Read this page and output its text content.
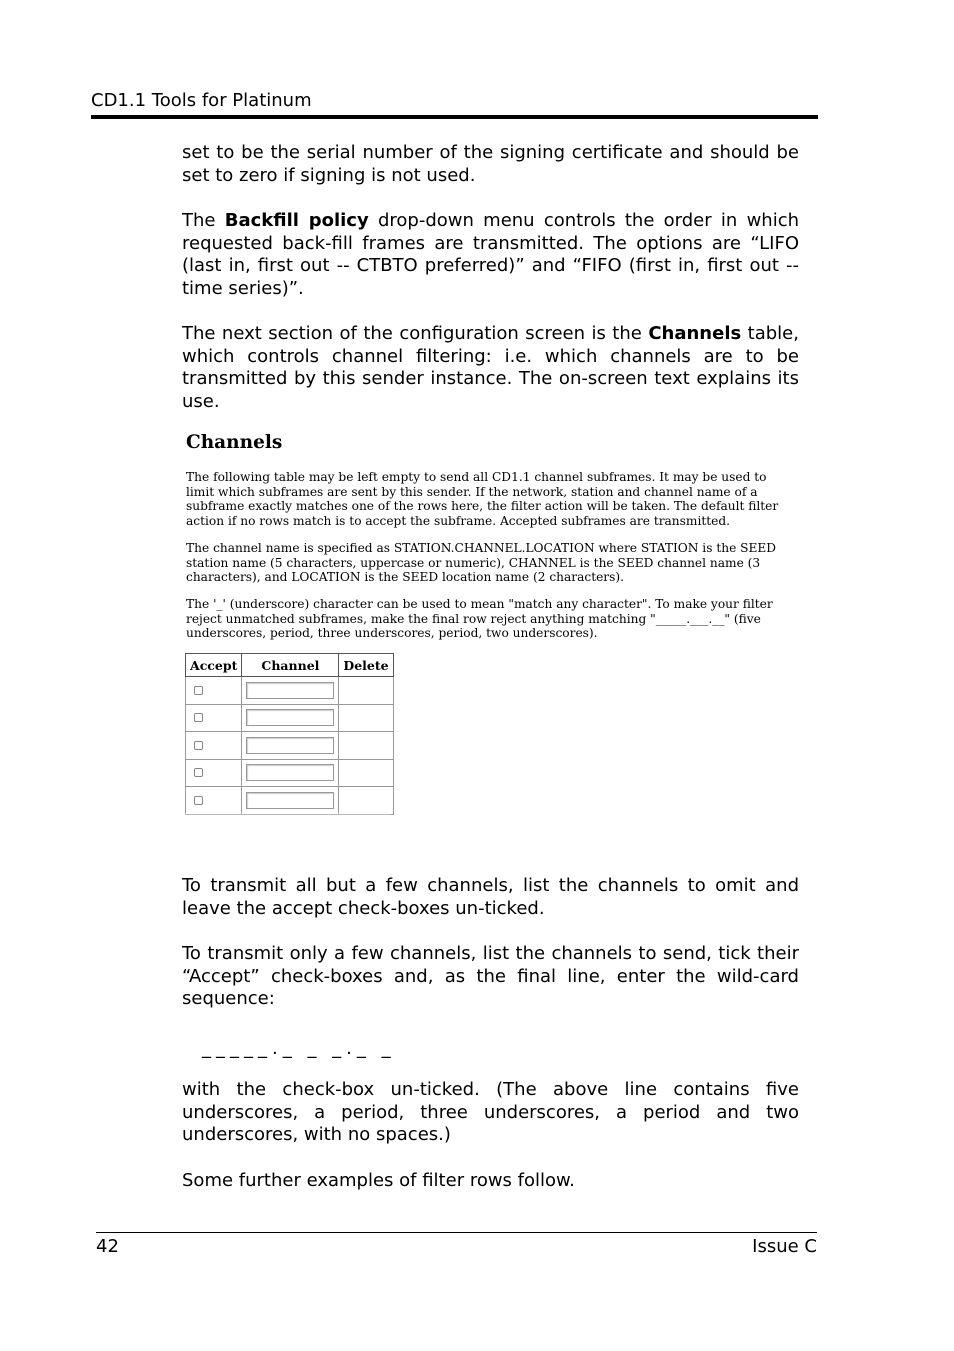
CD1.1 Tools for Platinum

set to be the serial number of the signing certificate and should be set to zero if signing is not used.

The Backfill policy drop-down menu controls the order in which requested back-fill frames are transmitted. The options are “LIFO (last in, first out -- CTBTO preferred)” and “FIFO (first in, first out -- time series)”.

The next section of the configuration screen is the Channels table, which controls channel filtering: i.e. which channels are to be transmitted by this sender instance. The on-screen text explains its use.

Channels

The following table may be left empty to send all CD1.1 channel subframes. It may be used to limit which subframes are sent by this sender. If the network, station and channel name of a subframe exactly matches one of the rows here, the filter action will be taken. The default filter action if no rows match is to accept the subframe. Accepted subframes are transmitted.

The channel name is specified as STATION.CHANNEL.LOCATION where STATION is the SEED station name (5 characters, uppercase or numeric), CHANNEL is the SEED channel name (3 characters), and LOCATION is the SEED location name (2 characters).

The '_' (underscore) character can be used to mean "match any character". To make your filter reject unmatched subframes, make the final row reject anything matching "_____.___.__" (five underscores, period, three underscores, period, two underscores).

Accept	Channel	Delete

To transmit all but a few channels, list the channels to omit and leave the accept check-boxes un-ticked.

To transmit only a few channels, list the channels to send, tick their “Accept” check-boxes and, as the final line, enter the wild-card sequence:

_____._ _ _._ _

with the check-box un-ticked. (The above line contains five underscores, a period, three underscores, a period and two underscores, with no spaces.)

Some further examples of filter rows follow.

42	Issue C
